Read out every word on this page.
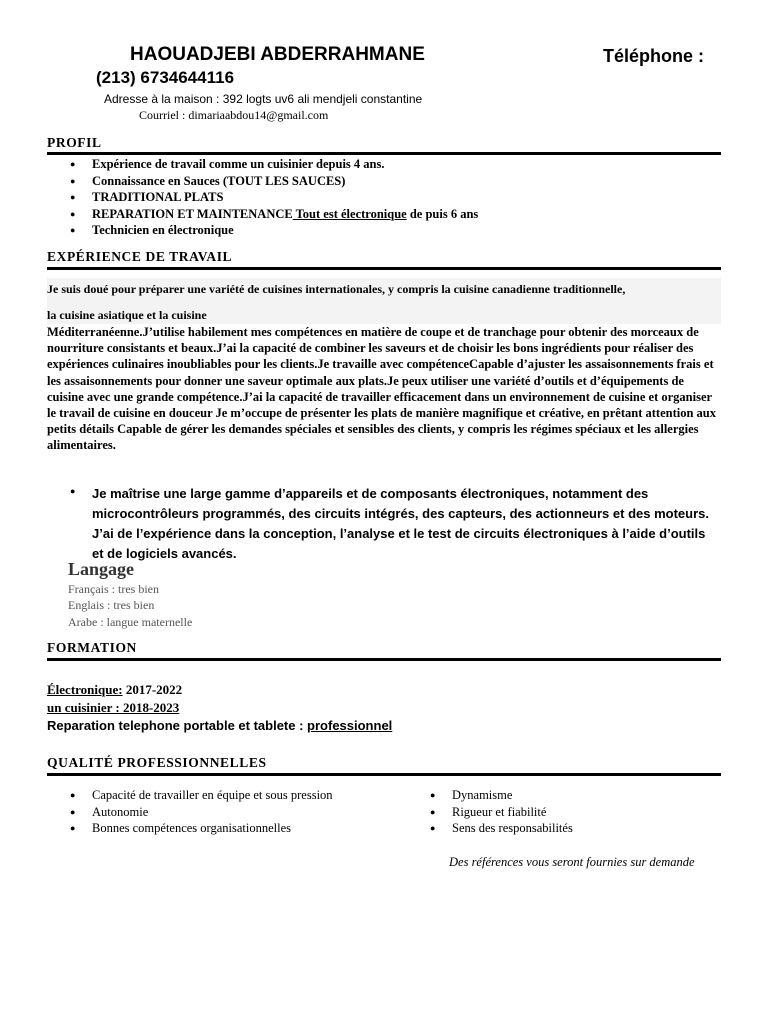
HAOUADJEBI ABDERRAHMANE	Téléphone :
(213) 6734644116
Adresse à la maison : 392 logts uv6 ali mendjeli constantine
Courriel : dimariaabdou14@gmail.com
PROFIL
● Expérience de travail comme un cuisinier depuis 4 ans.
● Connaissance en Sauces (TOUT LES SAUCES)
● TRADITIONAL PLATS
● REPARATION ET MAINTENANCE Tout est électronique de puis 6 ans
● Technicien en électronique
EXPÉRIENCE DE TRAVAIL
Je suis doué pour préparer une variété de cuisines internationales, y compris la cuisine canadienne traditionnelle,
la cuisine asiatique et la cuisine
Méditerranéenne.J’utilise habilement mes compétences en matière de coupe et de tranchage pour obtenir des morceaux de nourriture consistants et beaux.J’ai la capacité de combiner les saveurs et de choisir les bons ingrédients pour réaliser des expériences culinaires inoubliables pour les clients.Je travaille avec compétenceCapable d’ajuster les assaisonnements frais et les assaisonnements pour donner une saveur optimale aux plats.Je peux utiliser une variété d’outils et d’équipements de cuisine avec une grande compétence.J’ai la capacité de travailler efficacement dans un environnement de cuisine et organiser le travail de cuisine en douceur Je m’occupe de présenter les plats de manière magnifique et créative, en prêtant attention aux petits détails Capable de gérer les demandes spéciales et sensibles des clients, y compris les régimes spéciaux et les allergies alimentaires.
● Je maîtrise une large gamme d’appareils et de composants électroniques, notamment des microcontrôleurs programmés, des circuits intégrés, des capteurs, des actionneurs et des moteurs. J’ai de l’expérience dans la conception, l’analyse et le test de circuits électroniques à l’aide d’outils et de logiciels avancés.
Langage
Français : tres bien
Englais : tres bien
Arabe : langue maternelle
FORMATION
Électronique: 2017-2022
un cuisinier : 2018-2023
Reparation telephone portable et tablete : professionnel
QUALITÉ PROFESSIONNELLES
● Capacité de travailler en équipe et sous pression
● Autonomie
● Bonnes compétences organisationnelles
● Dynamisme
● Rigueur et fiabilité
● Sens des responsabilités
Des références vous seront fournies sur demande
